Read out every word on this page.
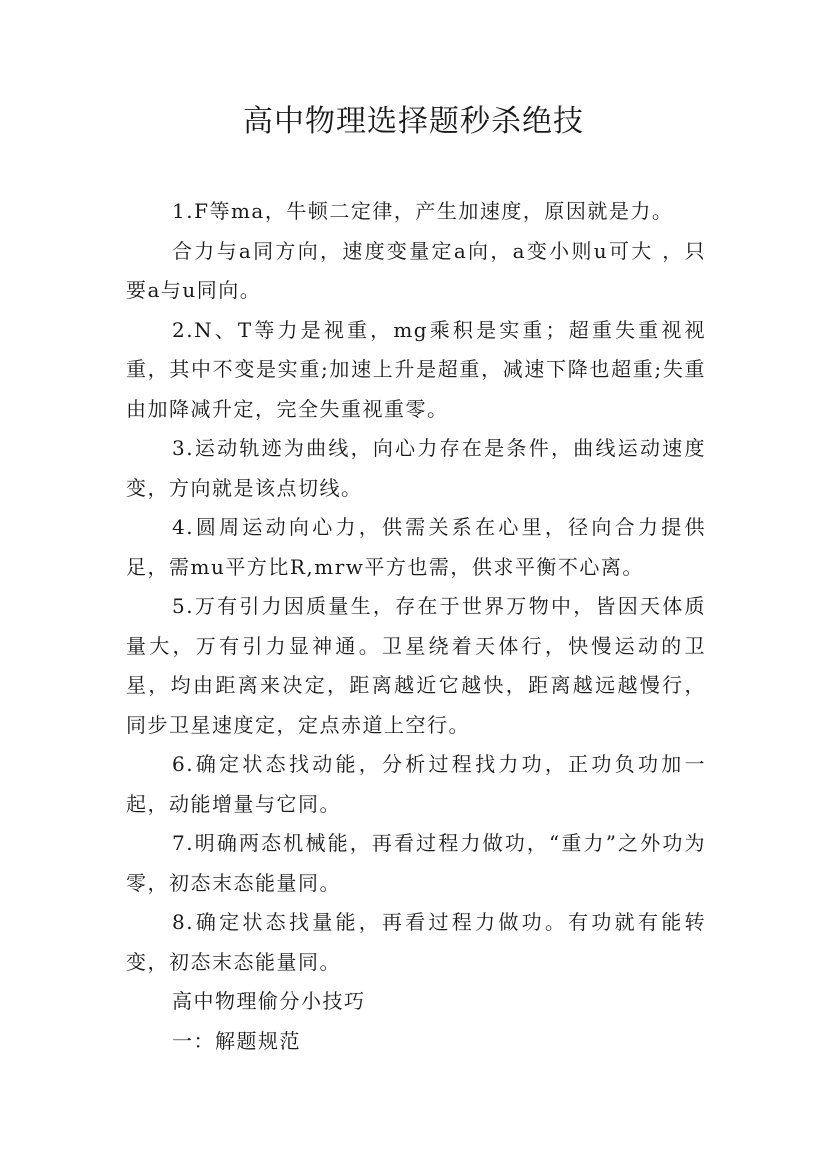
高中物理选择题秒杀绝技

1.F等ma，牛顿二定律，产生加速度，原因就是力。

合力与a同方向，速度变量定a向，a变小则u可大 ，只要a与u同向。

2.N、T等力是视重，mg乘积是实重；超重失重视视重，其中不变是实重;加速上升是超重，减速下降也超重;失重由加降减升定，完全失重视重零。

3.运动轨迹为曲线，向心力存在是条件，曲线运动速度变，方向就是该点切线。

4.圆周运动向心力，供需关系在心里，径向合力提供足，需mu平方比R,mrw平方也需，供求平衡不心离。

5.万有引力因质量生，存在于世界万物中，皆因天体质量大，万有引力显神通。卫星绕着天体行，快慢运动的卫星，均由距离来决定，距离越近它越快，距离越远越慢行，同步卫星速度定，定点赤道上空行。

6.确定状态找动能，分析过程找力功，正功负功加一起，动能增量与它同。

7.明确两态机械能，再看过程力做功，“重力”之外功为零，初态末态能量同。

8.确定状态找量能，再看过程力做功。有功就有能转变，初态末态能量同。

高中物理偷分小技巧

一：解题规范
